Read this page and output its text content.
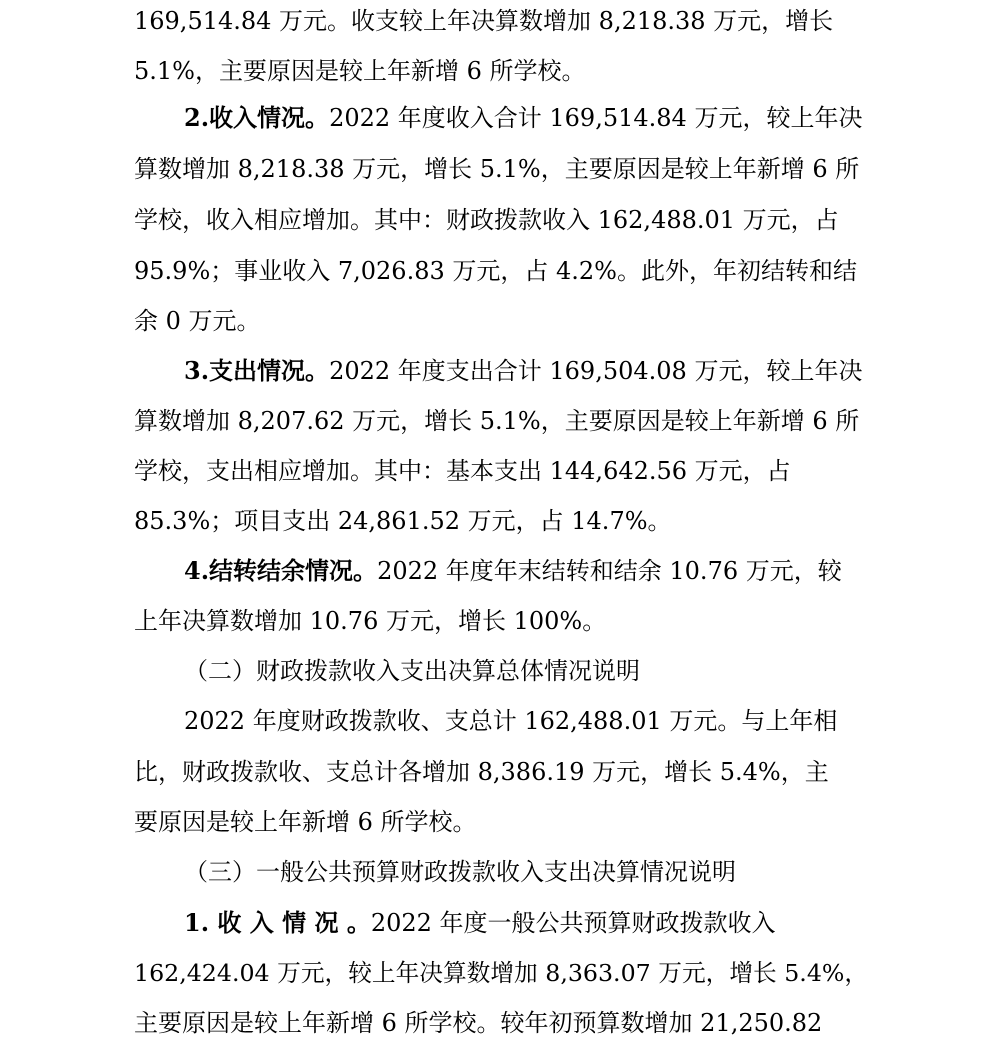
169,514.84 万元。收支较上年决算数增加 8,218.38 万元，增长
5.1%，主要原因是较上年新增 6 所学校。
2.收入情况。2022 年度收入合计 169,514.84 万元，较上年决
算数增加 8,218.38 万元，增长 5.1%，主要原因是较上年新增 6 所
学校，收入相应增加。其中：财政拨款收入 162,488.01 万元，占
95.9%；事业收入 7,026.83 万元，占 4.2%。此外，年初结转和结
余 0 万元。
3.支出情况。2022 年度支出合计 169,504.08 万元，较上年决
算数增加 8,207.62 万元，增长 5.1%，主要原因是较上年新增 6 所
学校，支出相应增加。其中：基本支出 144,642.56 万元，占
85.3%；项目支出 24,861.52 万元，占 14.7%。
4.结转结余情况。2022 年度年末结转和结余 10.76 万元，较
上年决算数增加 10.76 万元，增长 100%。
（二）财政拨款收入支出决算总体情况说明
2022 年度财政拨款收、支总计 162,488.01 万元。与上年相
比，财政拨款收、支总计各增加 8,386.19 万元，增长 5.4%，主
要原因是较上年新增 6 所学校。
（三）一般公共预算财政拨款收入支出决算情况说明
1. 收 入 情 况 。2022 年度一般公共预算财政拨款收入
162,424.04 万元，较上年决算数增加 8,363.07 万元，增长 5.4%，
主要原因是较上年新增 6 所学校。较年初预算数增加 21,250.82
